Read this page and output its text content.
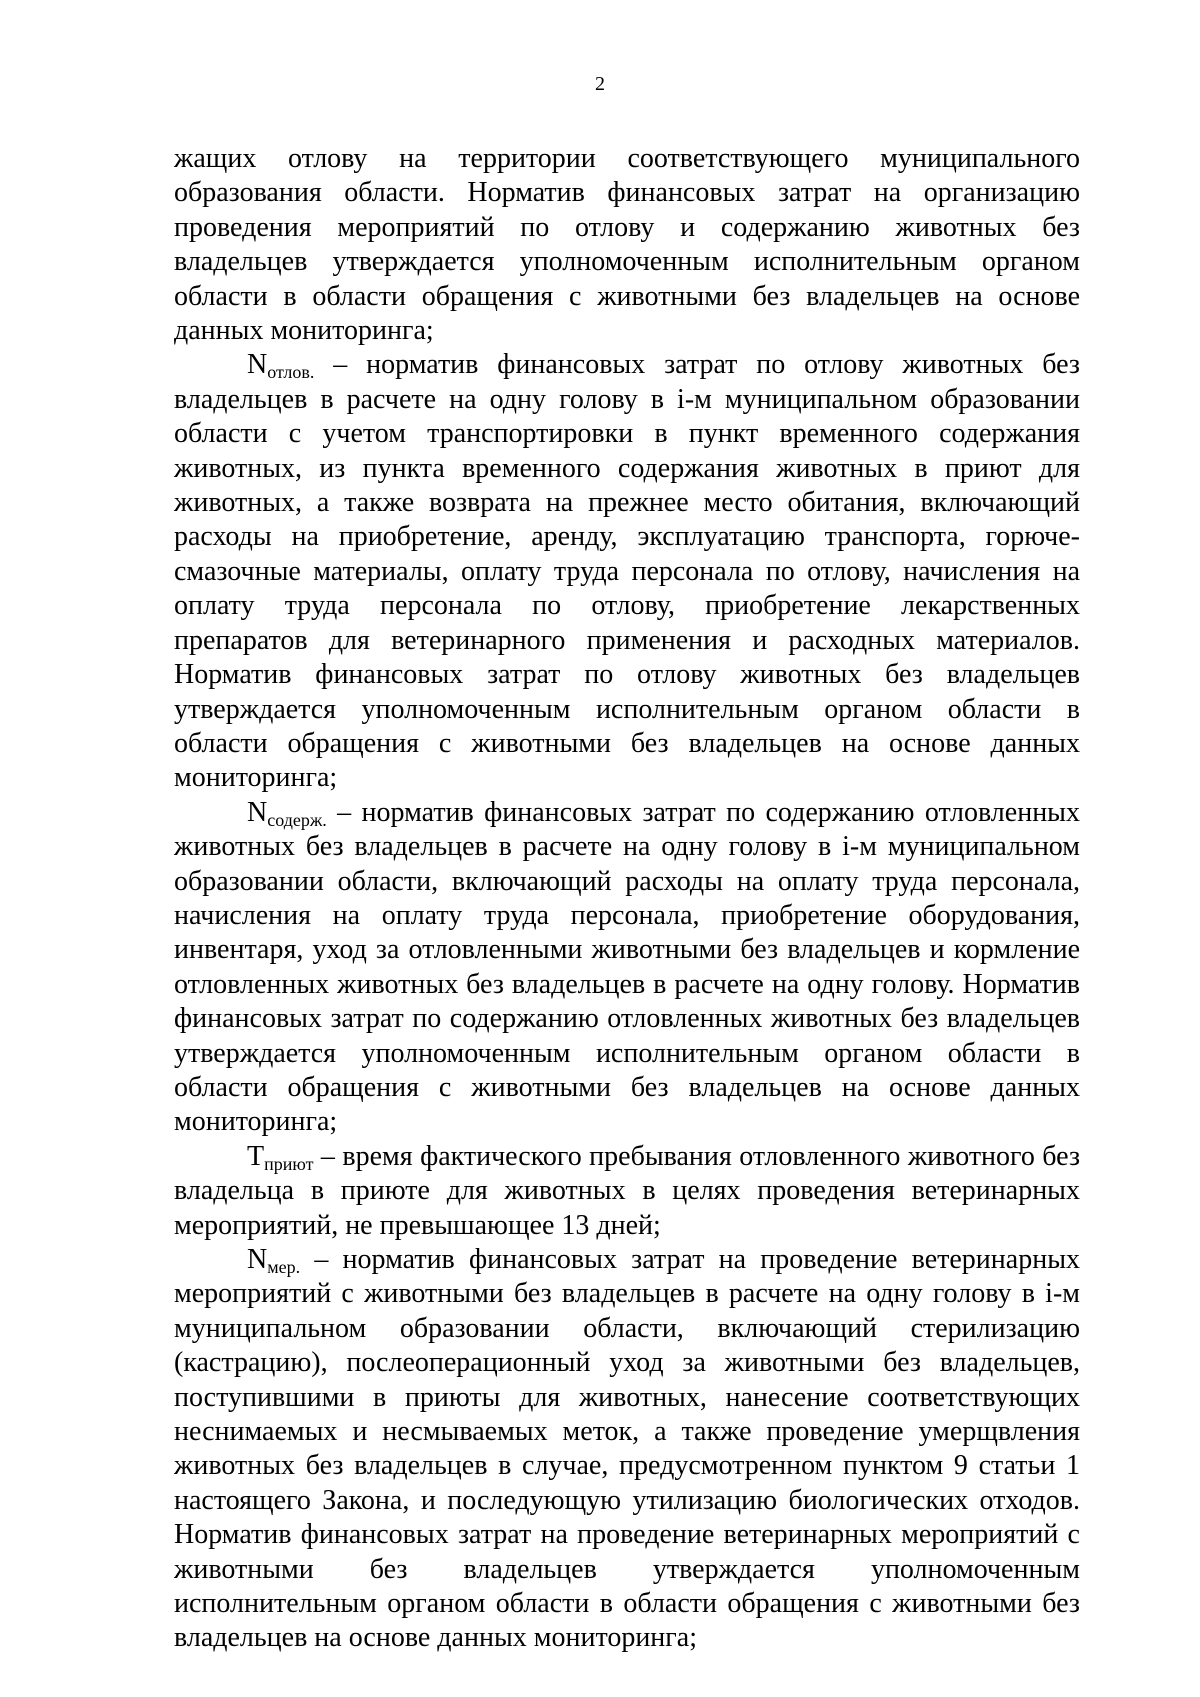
2

жащих отлову на территории соответствующего муниципального образования области. Норматив финансовых затрат на организацию проведения мероприятий по отлову и содержанию животных без владельцев утверждается уполномоченным исполнительным органом области в области обращения с животными без владельцев на основе данных мониторинга;

$N_{отлов.}$ – норматив финансовых затрат по отлову животных без владельцев в расчете на одну голову в i-м муниципальном образовании области с учетом транспортировки в пункт временного содержания животных, из пункта временного содержания животных в приют для животных, а также возврата на прежнее место обитания, включающий расходы на приобретение, аренду, эксплуатацию транспорта, горюче-смазочные материалы, оплату труда персонала по отлову, начисления на оплату труда персонала по отлову, приобретение лекарственных препаратов для ветеринарного применения и расходных материалов. Норматив финансовых затрат по отлову животных без владельцев утверждается уполномоченным исполнительным органом области в области обращения с животными без владельцев на основе данных мониторинга;

$N_{содерж.}$ – норматив финансовых затрат по содержанию отловленных животных без владельцев в расчете на одну голову в i-м муниципальном образовании области, включающий расходы на оплату труда персонала, начисления на оплату труда персонала, приобретение оборудования, инвентаря, уход за отловленными животными без владельцев и кормление отловленных животных без владельцев в расчете на одну голову. Норматив финансовых затрат по содержанию отловленных животных без владельцев утверждается уполномоченным исполнительным органом области в области обращения с животными без владельцев на основе данных мониторинга;

$T_{приют}$ – время фактического пребывания отловленного животного без владельца в приюте для животных в целях проведения ветеринарных мероприятий, не превышающее 13 дней;

$N_{мер.}$ – норматив финансовых затрат на проведение ветеринарных мероприятий с животными без владельцев в расчете на одну голову в i-м муниципальном образовании области, включающий стерилизацию (кастрацию), послеоперационный уход за животными без владельцев, поступившими в приюты для животных, нанесение соответствующих неснимаемых и несмываемых меток, а также проведение умерщвления животных без владельцев в случае, предусмотренном пунктом 9 статьи 1 настоящего Закона, и последующую утилизацию биологических отходов. Норматив финансовых затрат на проведение ветеринарных мероприятий с животными без владельцев утверждается уполномоченным исполнительным органом области в области обращения с животными без владельцев на основе данных мониторинга;
